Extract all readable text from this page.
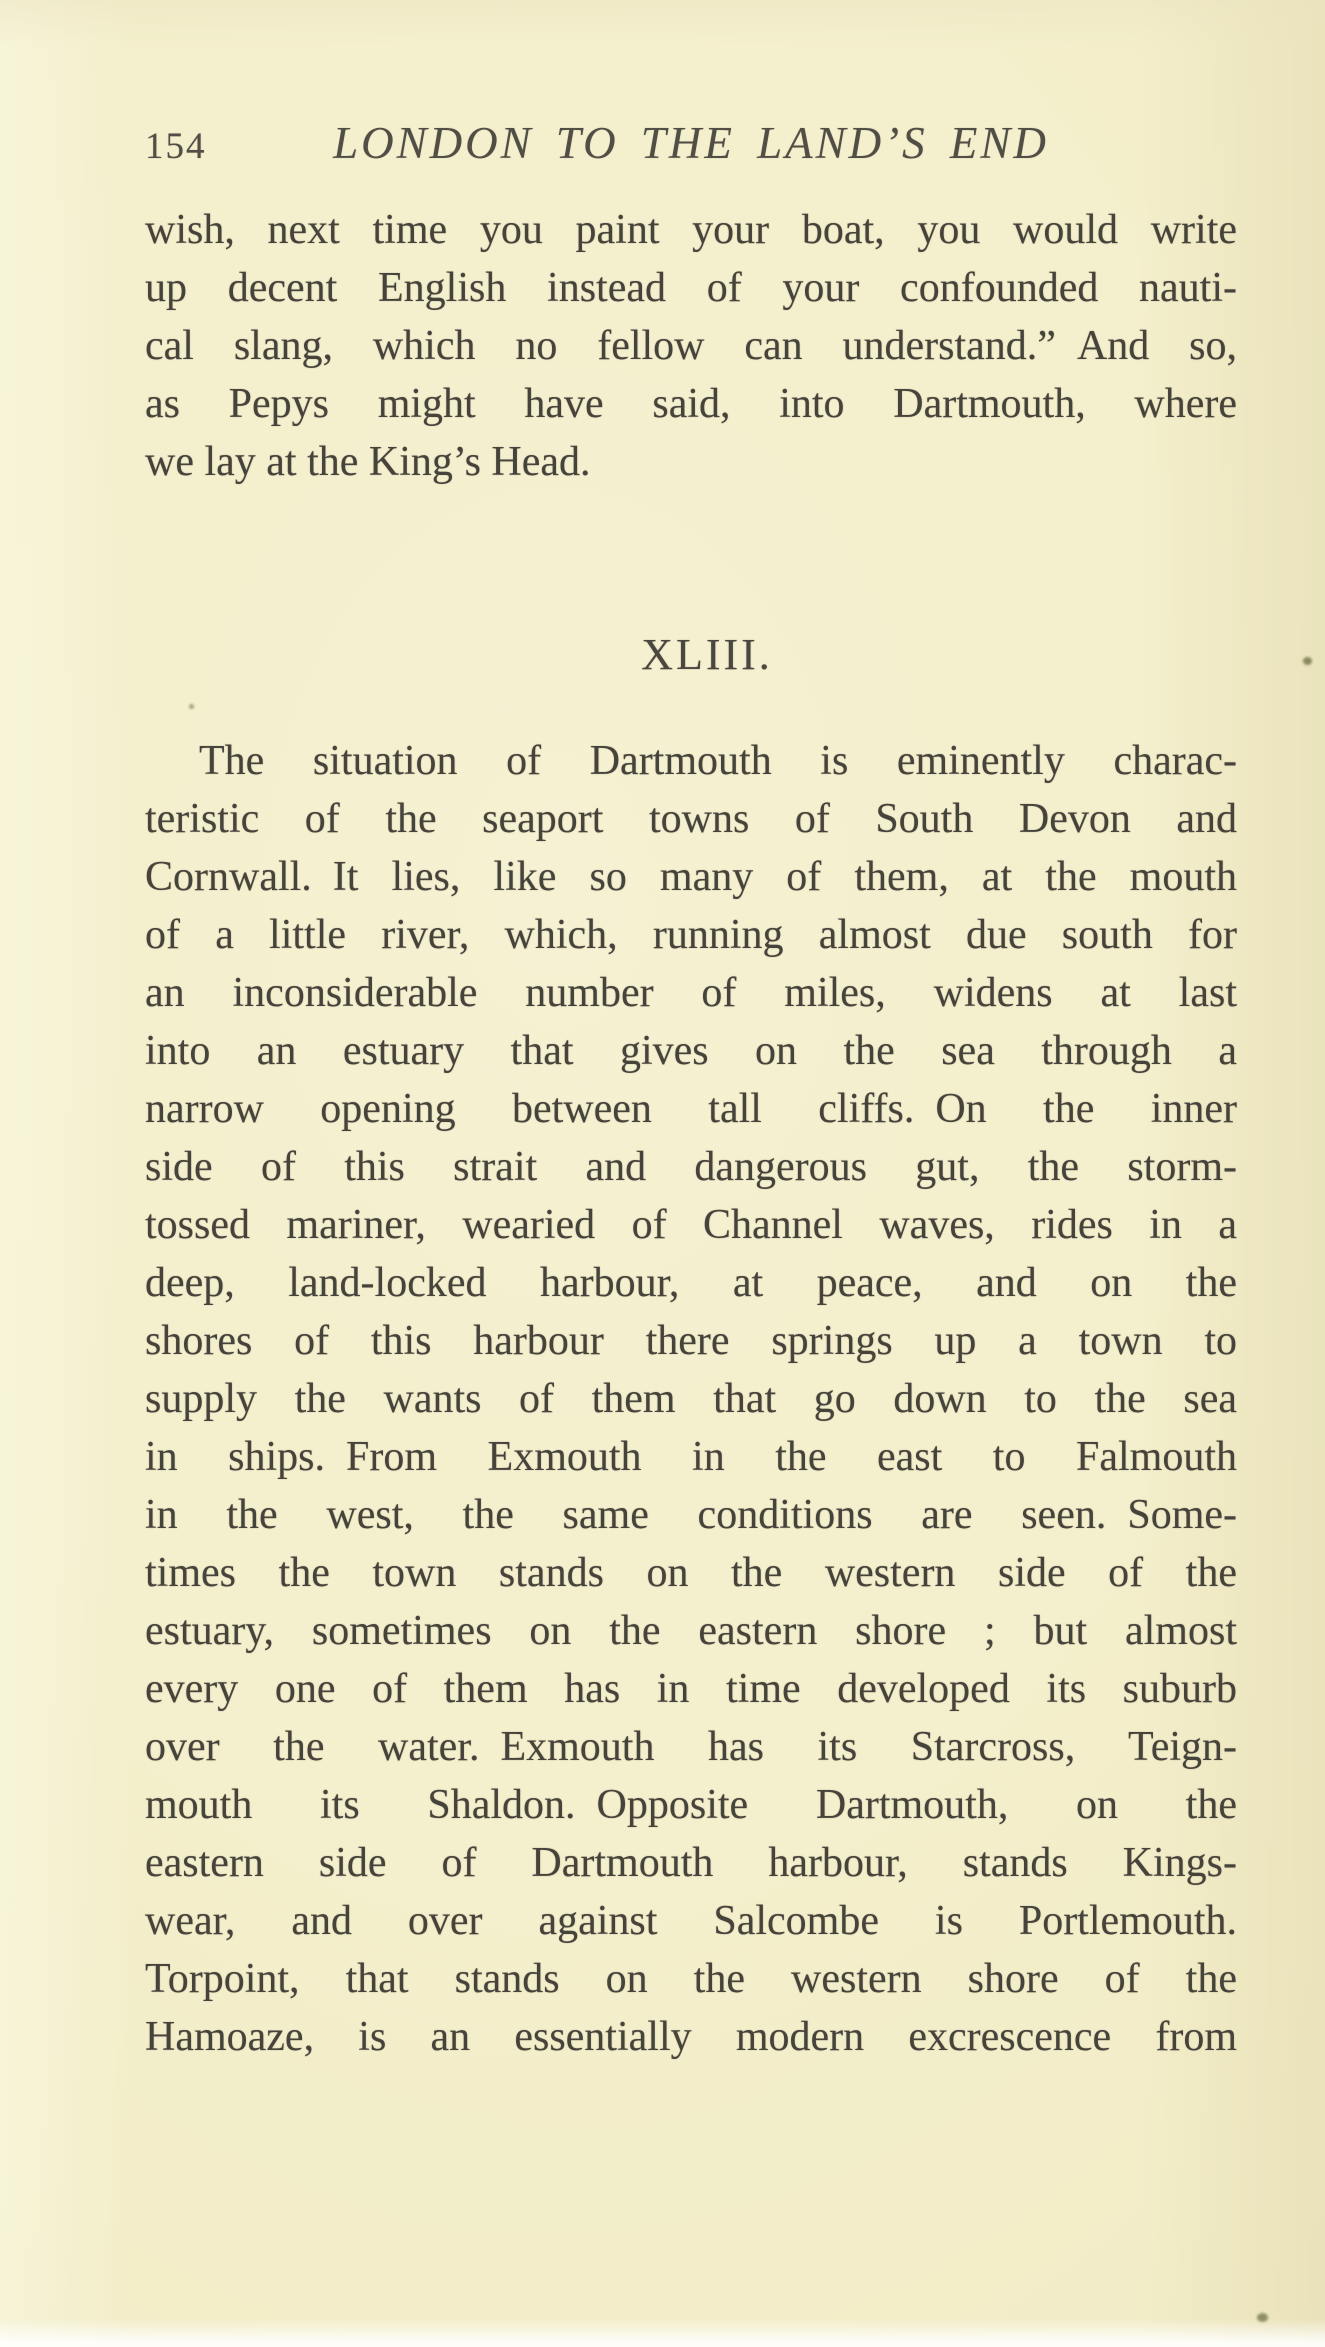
154	LONDON TO THE LAND’S END
wish, next time you paint your boat, you would write
up decent English instead of your confounded nauti-
cal slang, which no fellow can understand.” And so,
as Pepys might have said, into Dartmouth, where
we lay at the King’s Head.
XLIII.
The situation of Dartmouth is eminently charac-
teristic of the seaport towns of South Devon and
Cornwall. It lies, like so many of them, at the mouth
of a little river, which, running almost due south for
an inconsiderable number of miles, widens at last
into an estuary that gives on the sea through a
narrow opening between tall cliffs. On the inner
side of this strait and dangerous gut, the storm-
tossed mariner, wearied of Channel waves, rides in a
deep, land-locked harbour, at peace, and on the
shores of this harbour there springs up a town to
supply the wants of them that go down to the sea
in ships. From Exmouth in the east to Falmouth
in the west, the same conditions are seen. Some-
times the town stands on the western side of the
estuary, sometimes on the eastern shore ; but almost
every one of them has in time developed its suburb
over the water. Exmouth has its Starcross, Teign-
mouth its Shaldon. Opposite Dartmouth, on the
eastern side of Dartmouth harbour, stands Kings-
wear, and over against Salcombe is Portlemouth.
Torpoint, that stands on the western shore of the
Hamoaze, is an essentially modern excrescence from
